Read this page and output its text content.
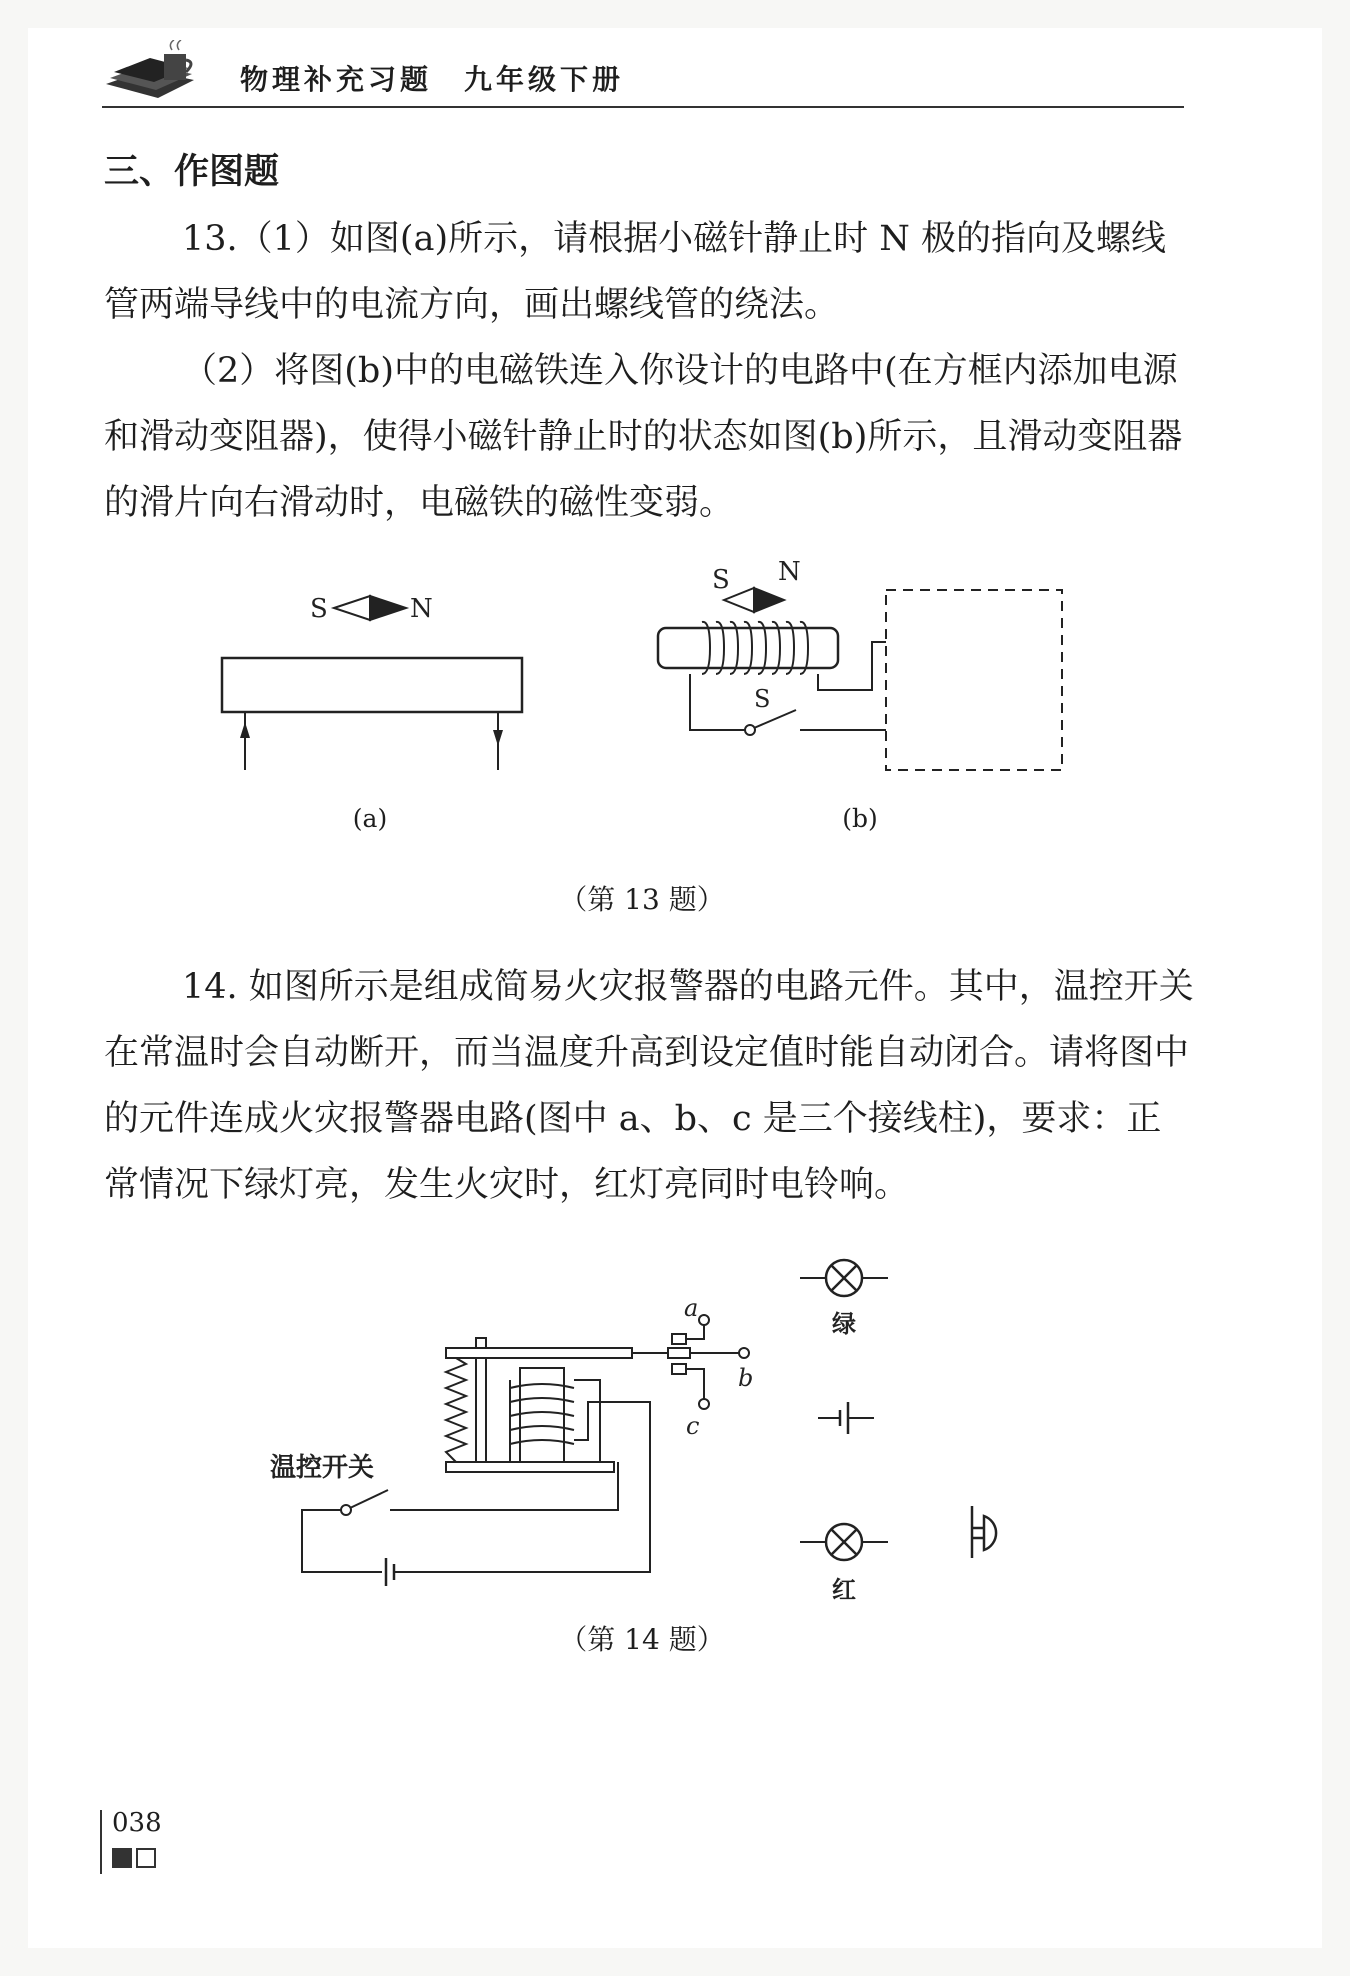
物理补充习题　九年级下册
三、作图题

13.（1）如图(a)所示，请根据小磁针静止时 N 极的指向及螺线管两端导线中的电流方向，画出螺线管的绕法。

（2）将图(b)中的电磁铁连入你设计的电路中(在方框内添加电源和滑动变阻器)，使得小磁针静止时的状态如图(b)所示，且滑动变阻器的滑片向右滑动时，电磁铁的磁性变弱。

S	N
(a)
S N
S
(b)
（第 13 题）

14. 如图所示是组成简易火灾报警器的电路元件。其中，温控开关在常温时会自动断开，而当温度升高到设定值时能自动闭合。请将图中的元件连成火灾报警器电路(图中 a、b、c 是三个接线柱)，要求：正常情况下绿灯亮，发生火灾时，红灯亮同时电铃响。

a
b
c
温控开关
绿
红
（第 14 题）
038
